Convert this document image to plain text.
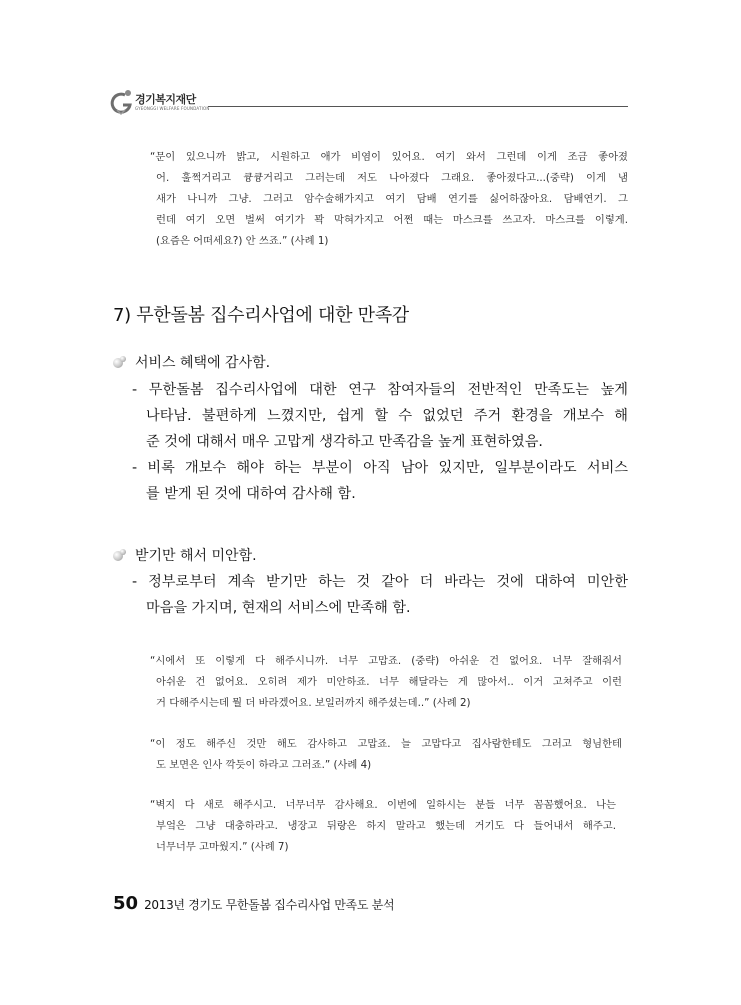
경기복지재단
GYEONGGI WELFARE FOUNDATION
“문이 있으니까 밝고, 시원하고 애가 비염이 있어요. 여기 와서 그런데 이게 조금 좋아졌
어. 훌쩍거리고 큥큥거리고 그러는데 저도 나아졌다 그래요. 좋아졌다고...(중략) 이게 냄
새가 나니까 그냥. 그러고 암수술해가지고 여기 담배 연기를 싫어하잖아요. 담배연기. 그
런데 여기 오면 벌써 여기가 꽉 막혀가지고 어쩐 때는 마스크를 쓰고자. 마스크를 이렇게.
(요즘은 어떠세요?) 안 쓰죠.” (사례 1)
7) 무한돌봄 집수리사업에 대한 만족감
서비스 혜택에 감사함.
- 무한돌봄 집수리사업에 대한 연구 참여자들의 전반적인 만족도는 높게
나타남. 불편하게 느꼈지만, 쉽게 할 수 없었던 주거 환경을 개보수 해
준 것에 대해서 매우 고맙게 생각하고 만족감을 높게 표현하였음.
- 비록 개보수 해야 하는 부분이 아직 남아 있지만, 일부분이라도 서비스
를 받게 된 것에 대하여 감사해 함.
받기만 해서 미안함.
- 정부로부터 계속 받기만 하는 것 같아 더 바라는 것에 대하여 미안한
마음을 가지며, 현재의 서비스에 만족해 함.
“시에서 또 이렇게 다 해주시니까. 너무 고맙죠. (중략) 아쉬운 건 없어요. 너무 잘해줘서
아쉬운 건 없어요. 오히려 제가 미안하죠. 너무 해달라는 게 많아서.. 이거 고쳐주고 이런
거 다해주시는데 뭘 더 바라겠어요. 보일러까지 해주셨는데..” (사례 2)
“이 정도 해주신 것만 해도 감사하고 고맙죠. 늘 고맙다고 집사람한테도 그러고 형님한테
도 보면은 인사 깍듯이 하라고 그러죠.” (사례 4)
“벽지 다 새로 해주시고. 너무너무 감사해요. 이번에 일하시는 분들 너무 꼼꼼했어요. 나는
부엌은 그냥 대충하라고. 냉장고 뒤랑은 하지 말라고 했는데 거기도 다 들어내서 해주고.
너무너무 고마웠지.” (사례 7)
50 2013년 경기도 무한돌봄 집수리사업 만족도 분석
